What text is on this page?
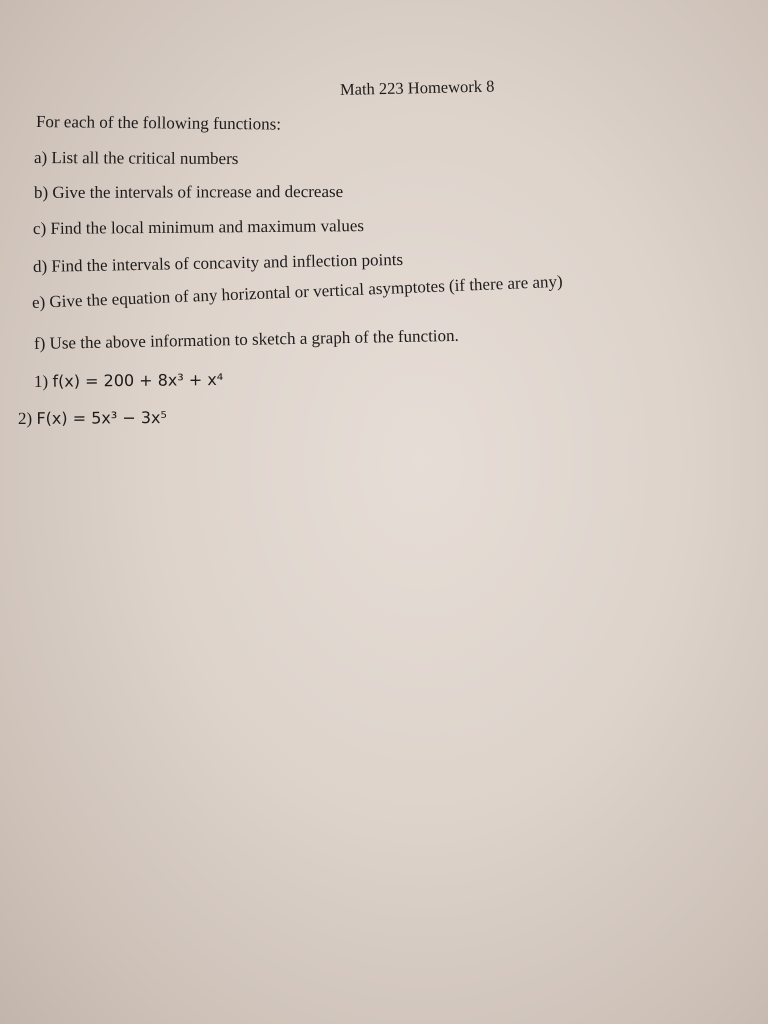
Math 223 Homework 8
For each of the following functions:
a) List all the critical numbers
b) Give the intervals of increase and decrease
c) Find the local minimum and maximum values
d) Find the intervals of concavity and inflection points
e) Give the equation of any horizontal or vertical asymptotes (if there are any)
f) Use the above information to sketch a graph of the function.
1) f(x) = 200 + 8x³ + x⁴
2) F(x) = 5x³ − 3x⁵
